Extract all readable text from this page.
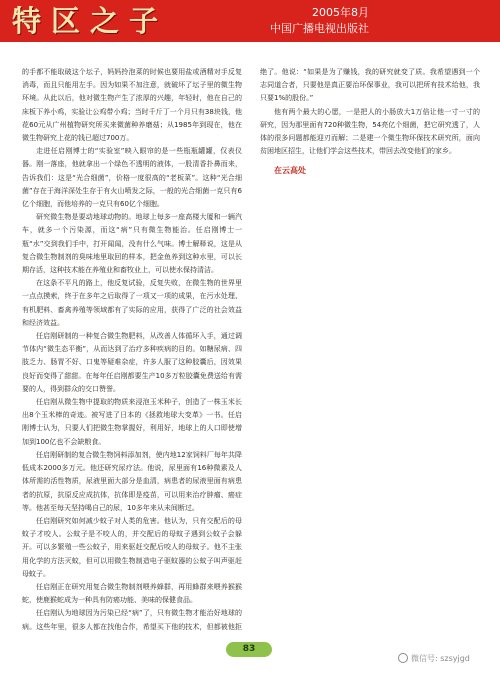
特区之子	2005年8月
中国广播电视出版社

的手都不能取破这个坛子，妈妈拎泡菜的时候也要用盐或酒精对手反复消毒，而且只能用左手。因为如果不加注意，就破坏了坛子里的微生物环境。从此以后，他对微生物产生了浓厚的兴趣，年轻时，他在自己的床板下养小鸡，实验让公鸡带小鸡；当时千斤丁一个月只有38块钱，他花60元从广州植物研究所买来微菌种养磨菇；从1985年到现在，他在微生物研究上花的钱已超过700万。

走进任启刚博士的“实验室”映入眼帘的是一些瓶瓶罐罐，仅表仪器。刚一落座，他就拿出一个绿色不透明的液体，一股清香扑鼻而来，告诉我们：这是“光合细菌”，价格一度很高的“老板菜”。这种“光合细菌”存在于海洋深处生存于有火山喷发之际，一般的光合细菌一克只有6亿个细胞，而他培养的一克只有60亿个细胞。

研究微生物是要动地球动物的。地球上每多一座高楼大厦和一辆汽车，就多一个污染源，而这“病”只有微生物能治。任启刚博士一瓶“水”交到我们手中，打开闻闻，没有什么气味。博士解释说，这是从复合微生物制剂的臭味地里取回的样本，把金鱼养到这种水里，可以长期存活，这种技术能在养殖业和畜牧业上，可以使水保持清洁。

在这条不平凡的路上，他反复试验，反复失败，在微生物的世界里一点点摸索，终于在多年之后取得了一项又一项的成果，在污水处理、有机肥料、畜禽养殖等领域都有了实际的应用，获得了广泛的社会效益和经济效益。

任启刚研制的一种复合微生物肥料，从改善人体循环入手，通过调节体内“微生态平衡”，从而达到了治疗多种疾病的目的。如糖尿病、四肢乏力、肠胃不好、口鬼等疑难杂症，许多人服了这种胶囊后，因效果良好而变得了甜甜。在每年任启刚都要生产10多万粒胶囊免费送给有需要的人，得到群众的交口赞誉。

任启刚从微生物中提取的物质来浸泡玉米种子，创造了一株玉米长出8个玉米棒的奇迹。被写进了日本的《拯救地球大变革》一书。任启刚博士认为，只要人们把微生物掌握好，利用好，地球上的人口即使增加到100亿也不会缺粮食。

任启刚研制的复合微生物饲料添加剂，使内地12家饲料厂每年共降低成本2000多万元。他还研究尿疗法。他说，尿里面有16种微素及人体所需的活性物质，尿液里面大部分是血清，病患者的尿液里面有病患者的抗原，抗原反应成抗体，抗体即是疫苗，可以用来治疗肿瘤、癌症等。他甚至每天坚持喝自己的尿，10多年来从未间断过。

任启刚研究如何减少蚊子对人类的危害。他认为，只有交配后的母蚊子才咬人。公蚊子是不咬人的，并交配后的母蚊子遇到公蚊子会躲开。可以多繁殖一些公蚊子，用来驱赶交配后咬人的母蚊子。他不主张用化学的方法灭蚊，但可以用微生物制造电子驱蚊器的公蚊子叫声驱赶母蚊子。

任启刚正在研究用复合微生物制剂喂养蜂群，再用蜂群来喂养猴猴蛇，使鹿猴蛇成为一种具有防癌功能、美味的保健食品。

任启刚认为地球因为污染已经“病”了，只有微生物才能治好地球的病。这些年里，很多人都在找他合作，希望买下他的技术，但都被他拒绝了。他说：“如果是为了赚钱，我的研究就变了质。我希望遇到一个志同道合者，只要他是真正要治环保事业，我可以把所有技术给他，我只要1%的股份。”

他有两个最大的心愿，一是把人的小肠放大1万倍让他一寸一寸的研究，因为那里面有720种微生物，54亮亿个细菌，把它研究透了，人体的很多问题都能迎刃而解；二是建一个微生物环保技术研究所，面向贫困地区招生，让他们学会这些技术，带回去改变他们的家乡。

在云高处

83
微信号: szsyjgd
